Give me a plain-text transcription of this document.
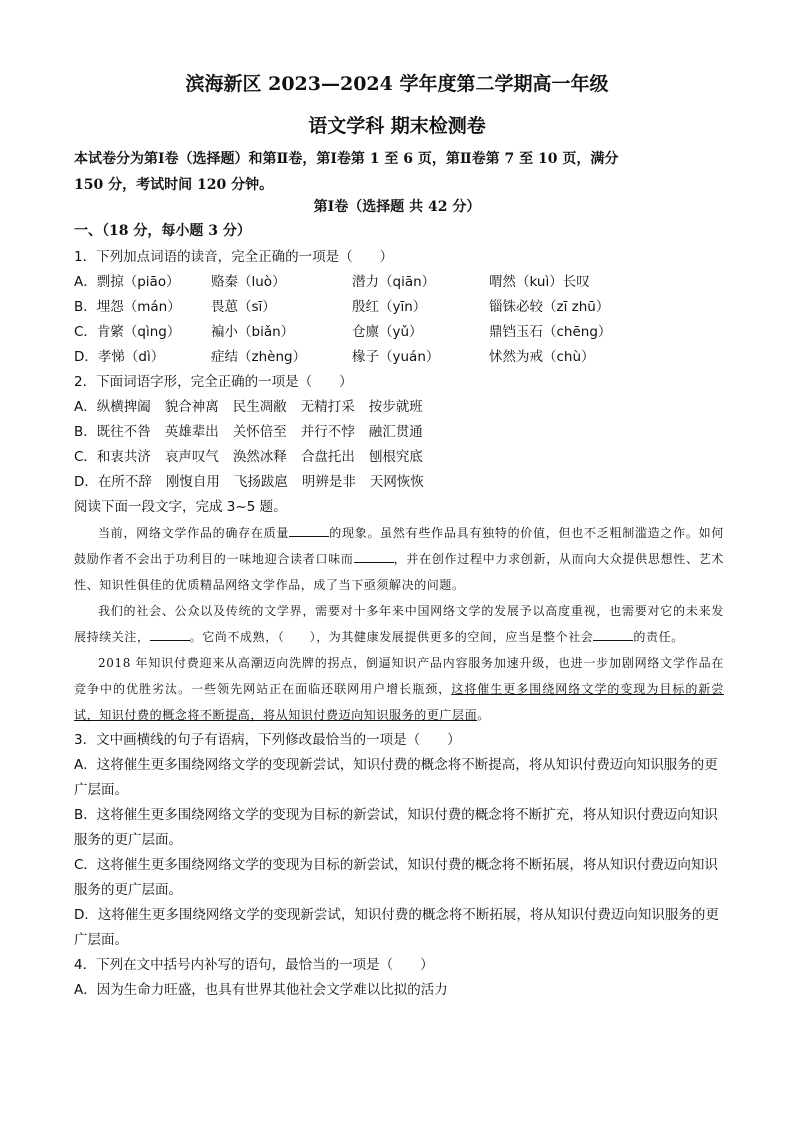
滨海新区 2023—2024 学年度第二学期高一年级
语文学科 期末检测卷
本试卷分为第Ⅰ卷（选择题）和第Ⅱ卷，第Ⅰ卷第 1 至 6 页，第Ⅱ卷第 7 至 10 页，满分
150 分，考试时间 120 分钟。
第Ⅰ卷（选择题 共 42 分）
一、（18 分，每小题 3 分）
1．下列加点词语的读音，完全正确的一项是（　　）
A．剽掠（piāo）	赂秦（luò）	潜力（qiān）	喟然（kuì）长叹
B．埋怨（mán）	畏葸（sī）	殷红（yīn）	锱铢必较（zī zhū）
C．肯綮（qìng）	褊小（biǎn）	仓廪（yǔ）	鼎铛玉石（chēng）
D．孝悌（dì）	症结（zhèng）	椽子（yuán）	怵然为戒（chù）
2．下面词语字形，完全正确的一项是（　　）
A．纵横捭阖 貌合神离 民生凋敝 无精打采 按步就班
B．既往不咎 英雄辈出 关怀倍至 并行不悖 融汇贯通
C．和衷共济 哀声叹气 涣然冰释 合盘托出 刨根究底
D．在所不辞 刚愎自用 飞扬跋扈 明辨是非 天网恢恢
阅读下面一段文字，完成 3~5 题。

当前，网络文学作品的确存在质量	的现象。虽然有些作品具有独特的价值，但也不乏粗制滥造之作。如何鼓励作者不会出于功利目的一味地迎合读者口味而	，并在创作过程中力求创新，从而向大众提供思想性、艺术性、知识性俱佳的优质精品网络文学作品，成了当下亟须解决的问题。

我们的社会、公众以及传统的文学界，需要对十多年来中国网络文学的发展予以高度重视，也需要对它的未来发展持续关注，	。它尚不成熟，（　　），为其健康发展提供更多的空间，应当是整个社会	的责任。

2018 年知识付费迎来从高潮迈向洗牌的拐点，倒逼知识产品内容服务加速升级，也进一步加剧网络文学作品在竞争中的优胜劣汰。一些领先网站正在面临还联网用户增长瓶颈，这将催生更多围绕网络文学的变现为目标的新尝试，知识付费的概念将不断提高，将从知识付费迈向知识服务的更广层面。

3．文中画横线的句子有语病，下列修改最恰当的一项是（　　）
A．这将催生更多围绕网络文学的变现新尝试，知识付费的概念将不断提高，将从知识付费迈向知识服务的更广层面。
B．这将催生更多围绕网络文学的变现为目标的新尝试，知识付费的概念将不断扩充，将从知识付费迈向知识服务的更广层面。
C．这将催生更多围绕网络文学的变现为目标的新尝试，知识付费的概念将不断拓展，将从知识付费迈向知识服务的更广层面。
D．这将催生更多围绕网络文学的变现新尝试，知识付费的概念将不断拓展，将从知识付费迈向知识服务的更广层面。
4．下列在文中括号内补写的语句，最恰当的一项是（　　）
A．因为生命力旺盛，也具有世界其他社会文学难以比拟的活力
